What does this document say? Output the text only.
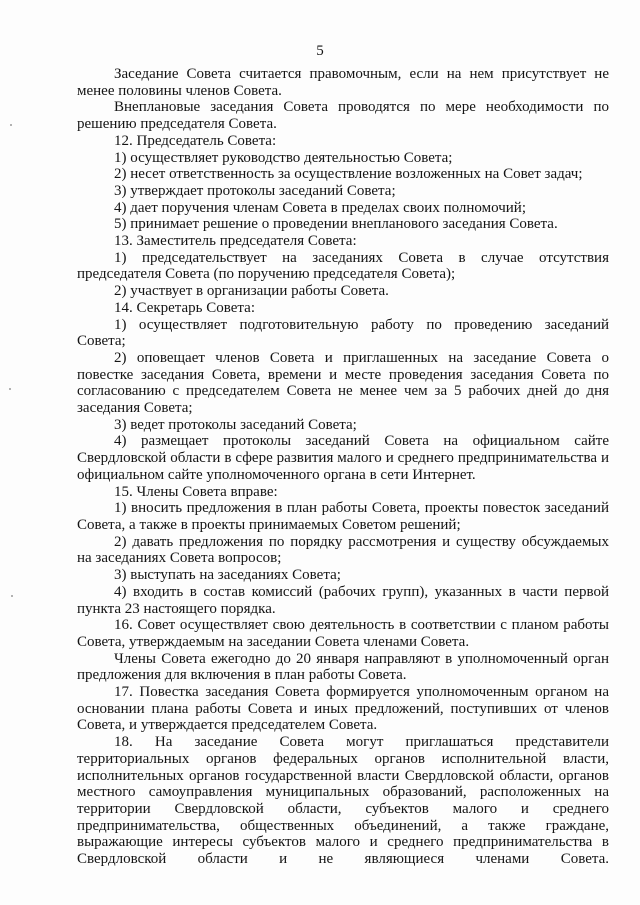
5

Заседание Совета считается правомочным, если на нем присутствует не менее половины членов Совета.

Внеплановые заседания Совета проводятся по мере необходимости по решению председателя Совета.

12. Председатель Совета:

1) осуществляет руководство деятельностью Совета;

2) несет ответственность за осуществление возложенных на Совет задач;

3) утверждает протоколы заседаний Совета;

4) дает поручения членам Совета в пределах своих полномочий;

5) принимает решение о проведении внепланового заседания Совета.

13. Заместитель председателя Совета:

1) председательствует на заседаниях Совета в случае отсутствия председателя Совета (по поручению председателя Совета);

2) участвует в организации работы Совета.

14. Секретарь Совета:

1) осуществляет подготовительную работу по проведению заседаний Совета;

2) оповещает членов Совета и приглашенных на заседание Совета о повестке заседания Совета, времени и месте проведения заседания Совета по согласованию с председателем Совета не менее чем за 5 рабочих дней до дня заседания Совета;

3) ведет протоколы заседаний Совета;

4) размещает протоколы заседаний Совета на официальном сайте Свердловской области в сфере развития малого и среднего предпринимательства и официальном сайте уполномоченного органа в сети Интернет.

15. Члены Совета вправе:

1) вносить предложения в план работы Совета, проекты повесток заседаний Совета, а также в проекты принимаемых Советом решений;

2) давать предложения по порядку рассмотрения и существу обсуждаемых на заседаниях Совета вопросов;

3) выступать на заседаниях Совета;

4) входить в состав комиссий (рабочих групп), указанных в части первой пункта 23 настоящего порядка.

16. Совет осуществляет свою деятельность в соответствии с планом работы Совета, утверждаемым на заседании Совета членами Совета.

Члены Совета ежегодно до 20 января направляют в уполномоченный орган предложения для включения в план работы Совета.

17. Повестка заседания Совета формируется уполномоченным органом на основании плана работы Совета и иных предложений, поступивших от членов Совета, и утверждается председателем Совета.

18. На заседание Совета могут приглашаться представители территориальных органов федеральных органов исполнительной власти, исполнительных органов государственной власти Свердловской области, органов местного самоуправления муниципальных образований, расположенных на территории Свердловской области, субъектов малого и среднего предпринимательства, общественных объединений, а также граждане, выражающие интересы субъектов малого и среднего предпринимательства в Свердловской области и не являющиеся членами Совета.
